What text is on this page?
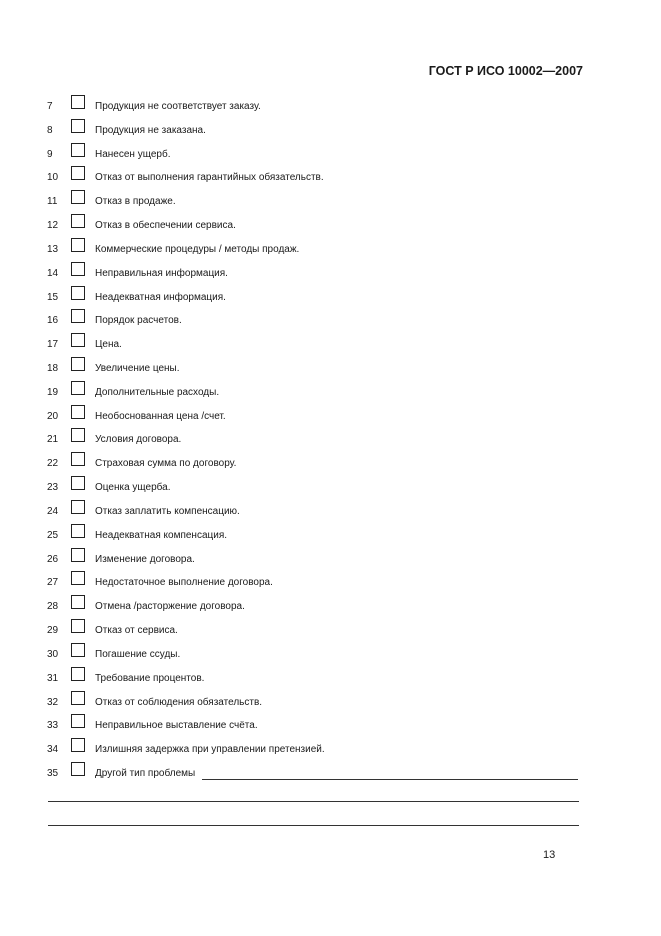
ГОСТ Р ИСО 10002—2007
7	Продукция не соответствует заказу.
8	Продукция не заказана.
9	Нанесен ущерб.
10	Отказ от выполнения гарантийных обязательств.
11	Отказ в продаже.
12	Отказ в обеспечении сервиса.
13	Коммерческие процедуры / методы продаж.
14	Неправильная информация.
15	Неадекватная информация.
16	Порядок расчетов.
17	Цена.
18	Увеличение цены.
19	Дополнительные расходы.
20	Необоснованная цена /счет.
21	Условия договора.
22	Страховая сумма по договору.
23	Оценка ущерба.
24	Отказ заплатить компенсацию.
25	Неадекватная компенсация.
26	Изменение договора.
27	Недостаточное выполнение договора.
28	Отмена /расторжение договора.
29	Отказ от сервиса.
30	Погашение ссуды.
31	Требование процентов.
32	Отказ от соблюдения обязательств.
33	Неправильное выставление счёта.
34	Излишняя задержка при управлении претензией.
35	Другой тип проблемы
13
